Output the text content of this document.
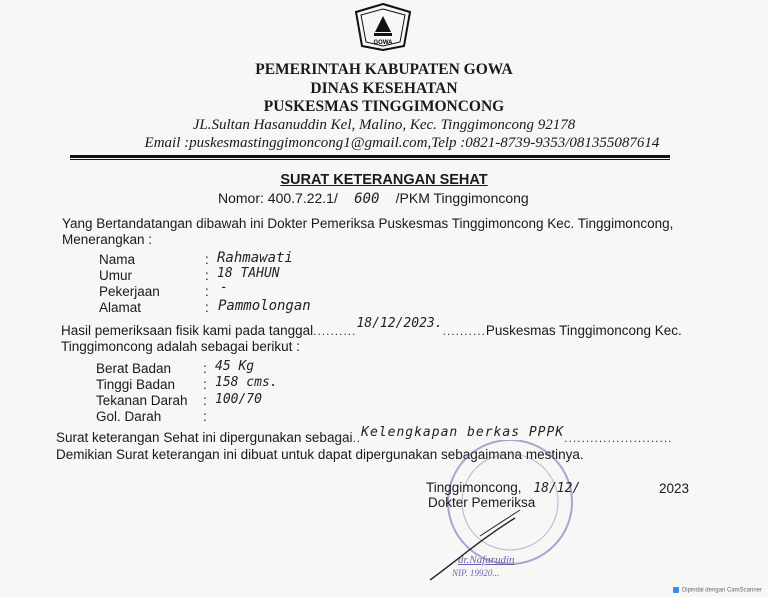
GOWA
PEMERINTAH KABUPATEN GOWA
DINAS KESEHATAN
PUSKESMAS TINGGIMONCONG
JL.Sultan Hasanuddin Kel, Malino, Kec. Tinggimoncong 92178
Email :puskesmastinggimoncong1@gmail.com,Telp :0821-8739-9353/081355087614
SURAT KETERANGAN SEHAT
Nomor: 400.7.22.1/ 600 /PKM Tinggimoncong
Yang Bertandatangan dibawah ini Dokter Pemeriksa Puskesmas Tinggimoncong Kec. Tinggimoncong,
Menerangkan :
Nama	: Rahmawati
Umur	: 18 TAHUN
Pekerjaan	: -
Alamat	: Pammolongan
Hasil pemeriksaan fisik kami pada tanggal..........18/12/2023...........Puskesmas Tinggimoncong Kec.
Tinggimoncong adalah sebagai berikut :
Berat Badan : 45 Kg
Tinggi Badan : 158 cms.
Tekanan Darah : 100/70
Gol. Darah	:
Surat keterangan Sehat ini dipergunakan sebagai..Kelengkapan berkas PPPK.........................
Demikian Surat keterangan ini dibuat untuk dapat dipergunakan sebagaimana mestinya.
Tinggimoncong, 18/12/	2023
Dokter Pemeriksa
dr.Nafarudin
NIP. 19920...
Dipindai dengan CamScanner
